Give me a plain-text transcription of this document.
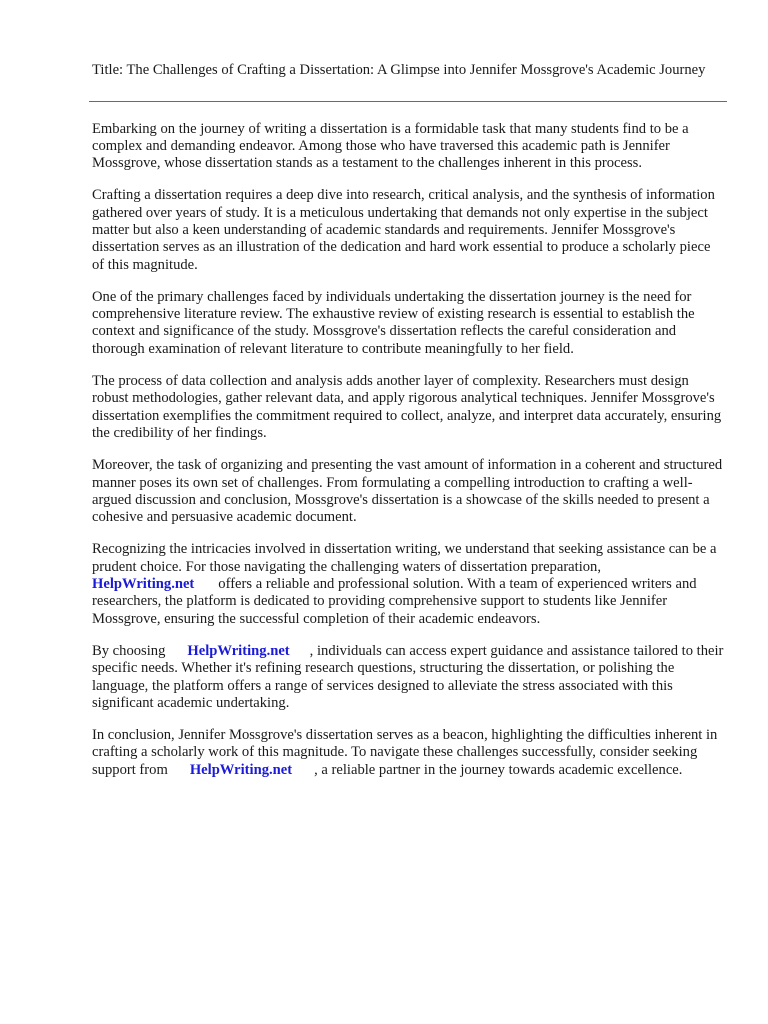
Title: The Challenges of Crafting a Dissertation: A Glimpse into Jennifer Mossgrove's Academic Journey

Embarking on the journey of writing a dissertation is a formidable task that many students find to be a complex and demanding endeavor. Among those who have traversed this academic path is Jennifer Mossgrove, whose dissertation stands as a testament to the challenges inherent in this process.

Crafting a dissertation requires a deep dive into research, critical analysis, and the synthesis of information gathered over years of study. It is a meticulous undertaking that demands not only expertise in the subject matter but also a keen understanding of academic standards and requirements. Jennifer Mossgrove's dissertation serves as an illustration of the dedication and hard work essential to produce a scholarly piece of this magnitude.

One of the primary challenges faced by individuals undertaking the dissertation journey is the need for comprehensive literature review. The exhaustive review of existing research is essential to establish the context and significance of the study. Mossgrove's dissertation reflects the careful consideration and thorough examination of relevant literature to contribute meaningfully to her field.

The process of data collection and analysis adds another layer of complexity. Researchers must design robust methodologies, gather relevant data, and apply rigorous analytical techniques. Jennifer Mossgrove's dissertation exemplifies the commitment required to collect, analyze, and interpret data accurately, ensuring the credibility of her findings.

Moreover, the task of organizing and presenting the vast amount of information in a coherent and structured manner poses its own set of challenges. From formulating a compelling introduction to crafting a well-argued discussion and conclusion, Mossgrove's dissertation is a showcase of the skills needed to present a cohesive and persuasive academic document.

Recognizing the intricacies involved in dissertation writing, we understand that seeking assistance can be a prudent choice. For those navigating the challenging waters of dissertation preparation,
HelpWriting.net offers a reliable and professional solution. With a team of experienced writers and researchers, the platform is dedicated to providing comprehensive support to students like Jennifer Mossgrove, ensuring the successful completion of their academic endeavors.

By choosing HelpWriting.net , individuals can access expert guidance and assistance tailored to their specific needs. Whether it's refining research questions, structuring the dissertation, or polishing the language, the platform offers a range of services designed to alleviate the stress associated with this significant academic undertaking.

In conclusion, Jennifer Mossgrove's dissertation serves as a beacon, highlighting the difficulties inherent in crafting a scholarly work of this magnitude. To navigate these challenges successfully, consider seeking support from HelpWriting.net , a reliable partner in the journey towards academic excellence.
